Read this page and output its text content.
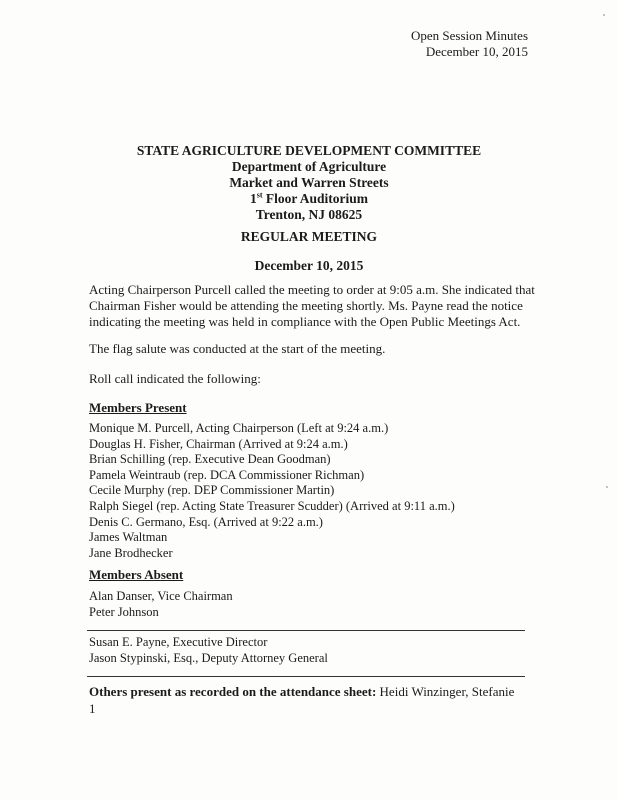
Open Session Minutes
December 10, 2015
STATE AGRICULTURE DEVELOPMENT COMMITTEE
Department of Agriculture
Market and Warren Streets
1st Floor Auditorium
Trenton, NJ 08625
REGULAR MEETING
December 10, 2015
Acting Chairperson Purcell called the meeting to order at 9:05 a.m. She indicated that
Chairman Fisher would be attending the meeting shortly. Ms. Payne read the notice
indicating the meeting was held in compliance with the Open Public Meetings Act.
The flag salute was conducted at the start of the meeting.
Roll call indicated the following:
Members Present
Monique M. Purcell, Acting Chairperson (Left at 9:24 a.m.)
Douglas H. Fisher, Chairman (Arrived at 9:24 a.m.)
Brian Schilling (rep. Executive Dean Goodman)
Pamela Weintraub (rep. DCA Commissioner Richman)
Cecile Murphy (rep. DEP Commissioner Martin)
Ralph Siegel (rep. Acting State Treasurer Scudder) (Arrived at 9:11 a.m.)
Denis C. Germano, Esq. (Arrived at 9:22 a.m.)
James Waltman
Jane Brodhecker
Members Absent
Alan Danser, Vice Chairman
Peter Johnson
Susan E. Payne, Executive Director
Jason Stypinski, Esq., Deputy Attorney General
Others present as recorded on the attendance sheet: Heidi Winzinger, Stefanie
1
